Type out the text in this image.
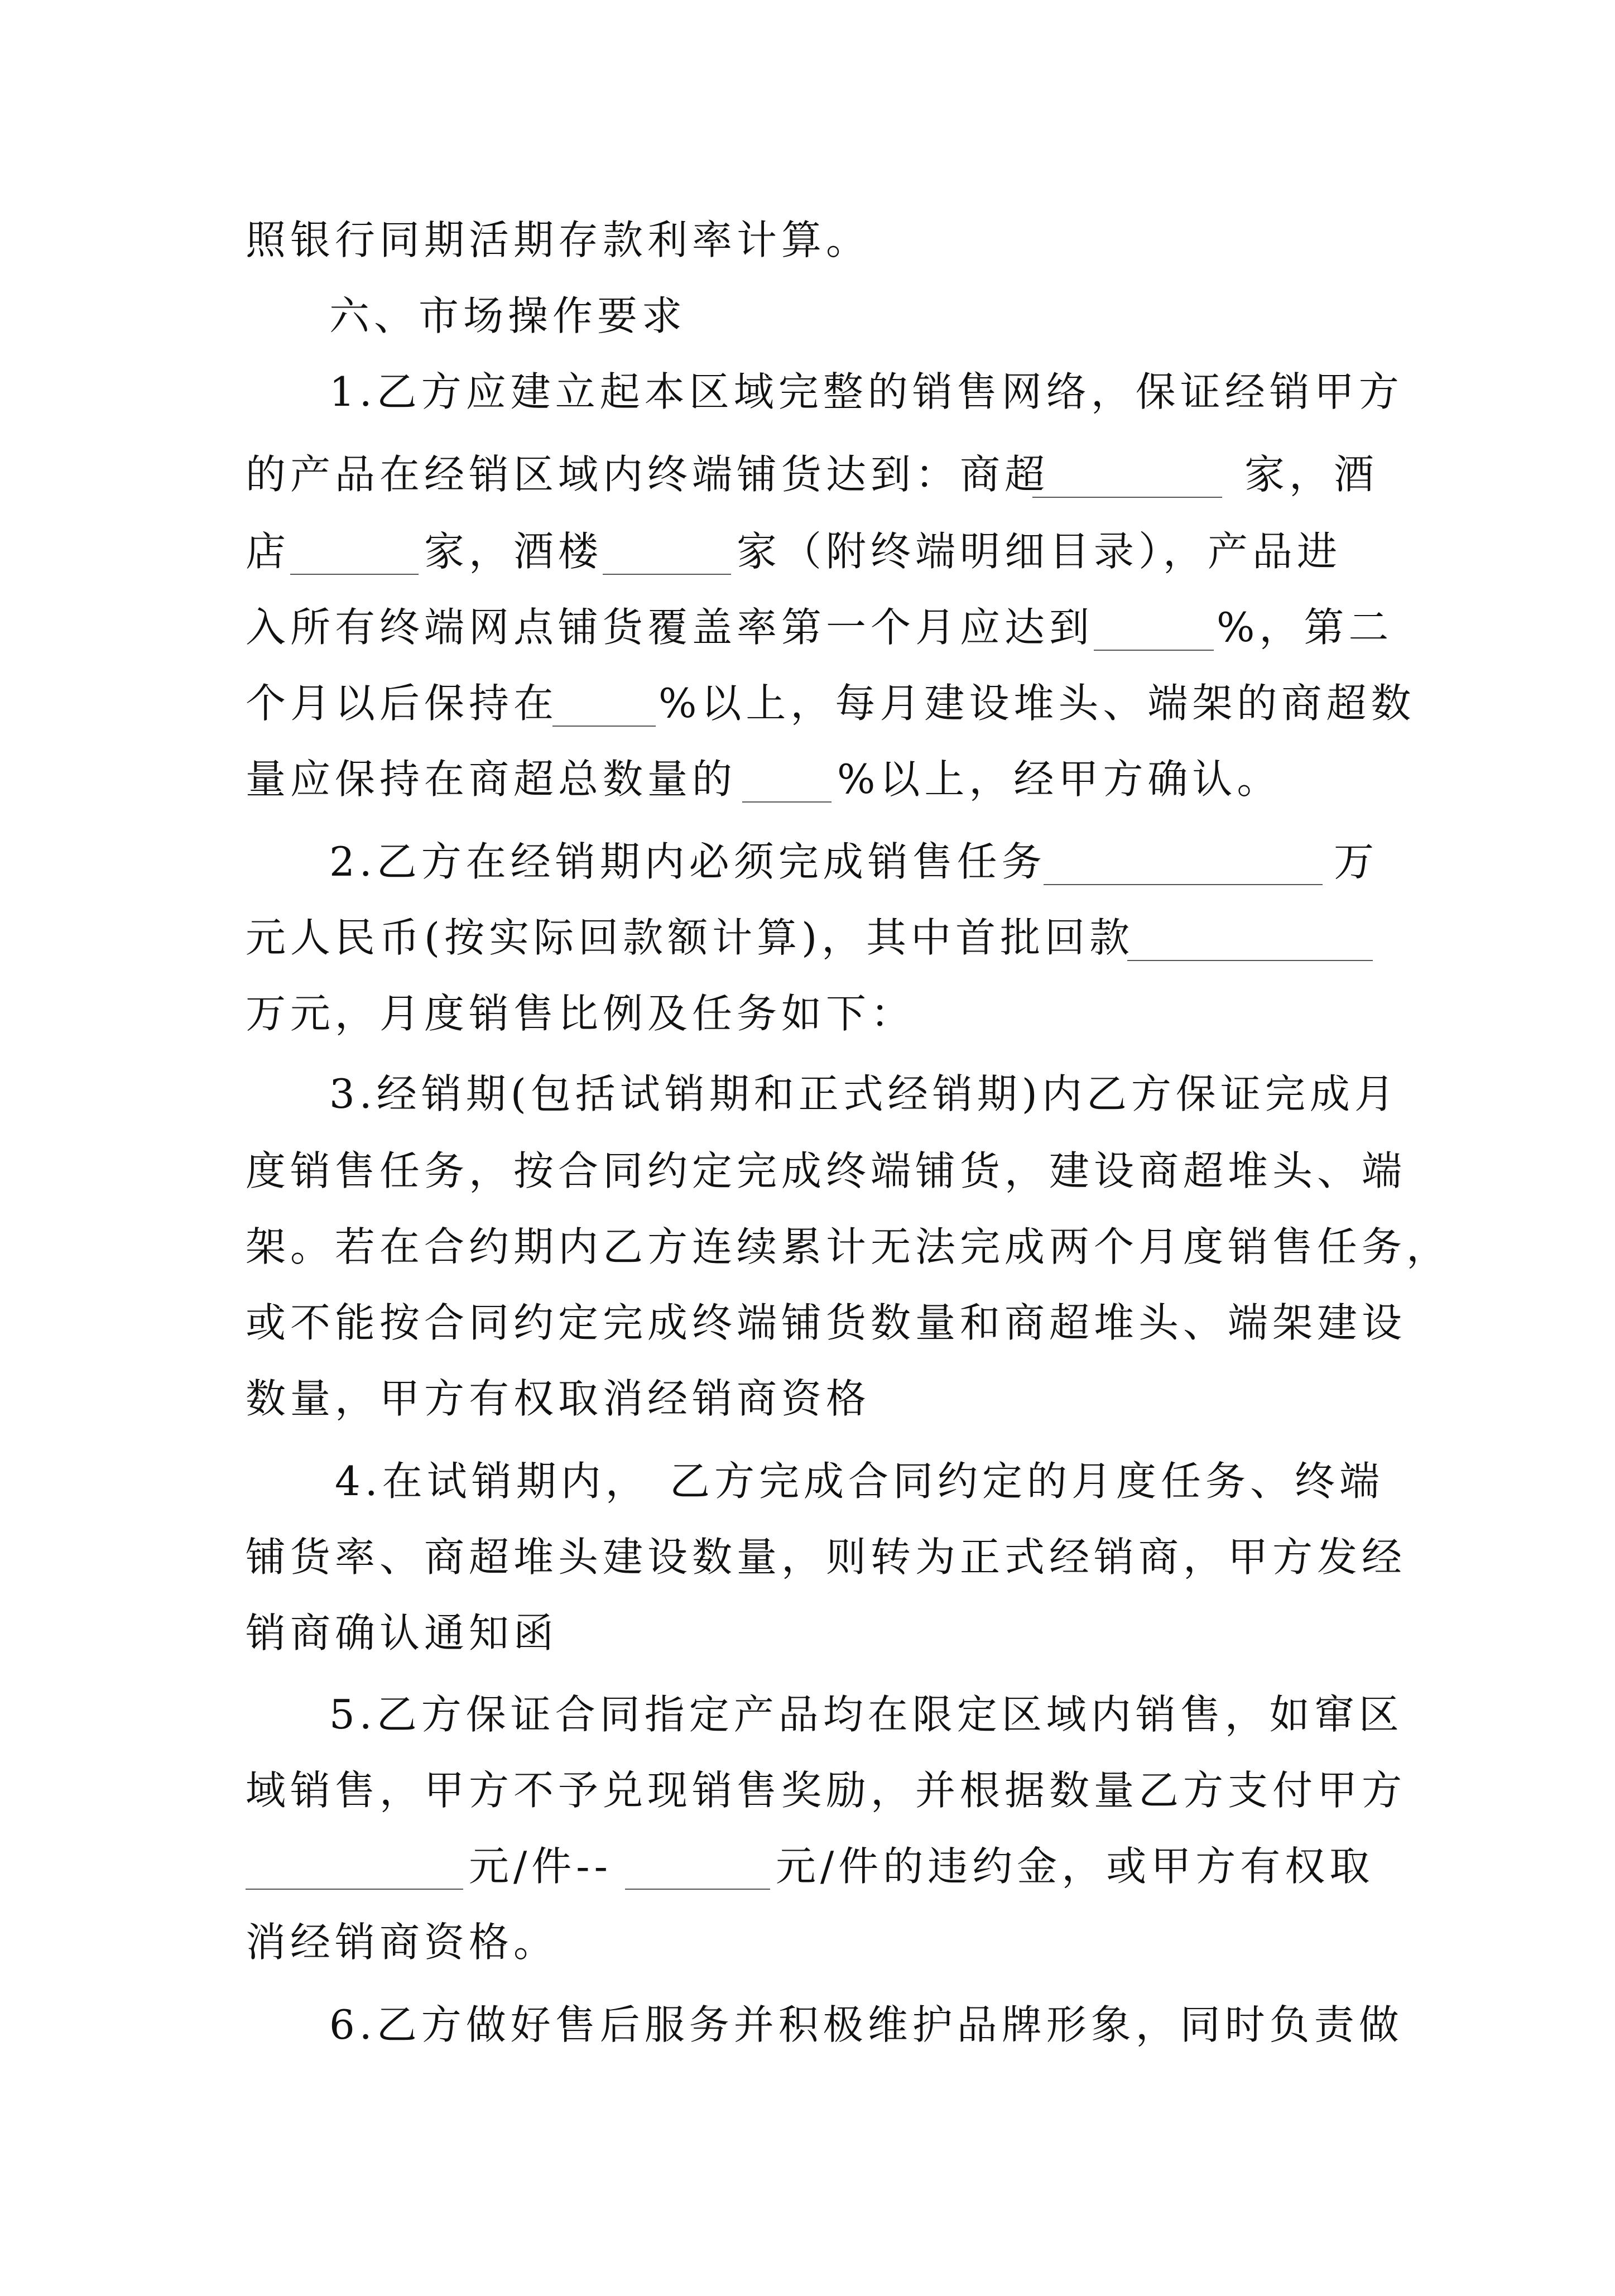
照银行同期活期存款利率计算。

六、市场操作要求

1.乙方应建立起本区域完整的销售网络，保证经销甲方

的产品在经销区域内终端铺货达到：商超

	家，酒

店

	家，酒楼

	家（附终端明细目录），产品进

入所有终端网点铺货覆盖率第一个月应达到

	%，第二

个月以后保持在

%以上，每月建设堆头、端架的商超数

量应保持在商超总数量的

%以上，经甲方确认。

2.乙方在经销期内必须完成销售任务

	万

元人民币(按实际回款额计算)，其中首批回款

万元，月度销售比例及任务如下：

3.经销期(包括试销期和正式经销期)内乙方保证完成月

度销售任务，按合同约定完成终端铺货，建设商超堆头、端

架。若在合约期内乙方连续累计无法完成两个月度销售任务，

或不能按合同约定完成终端铺货数量和商超堆头、端架建设

数量，甲方有权取消经销商资格

4.在试销期内，

乙方完成合同约定的月度任务、终端

铺货率、商超堆头建设数量，则转为正式经销商，甲方发经

销商确认通知函

5.乙方保证合同指定产品均在限定区域内销售，如窜区

域销售，甲方不予兑现销售奖励，并根据数量乙方支付甲方

元/件--

	元/件的违约金，或甲方有权取

消经销商资格。

6.乙方做好售后服务并积极维护品牌形象，同时负责做
